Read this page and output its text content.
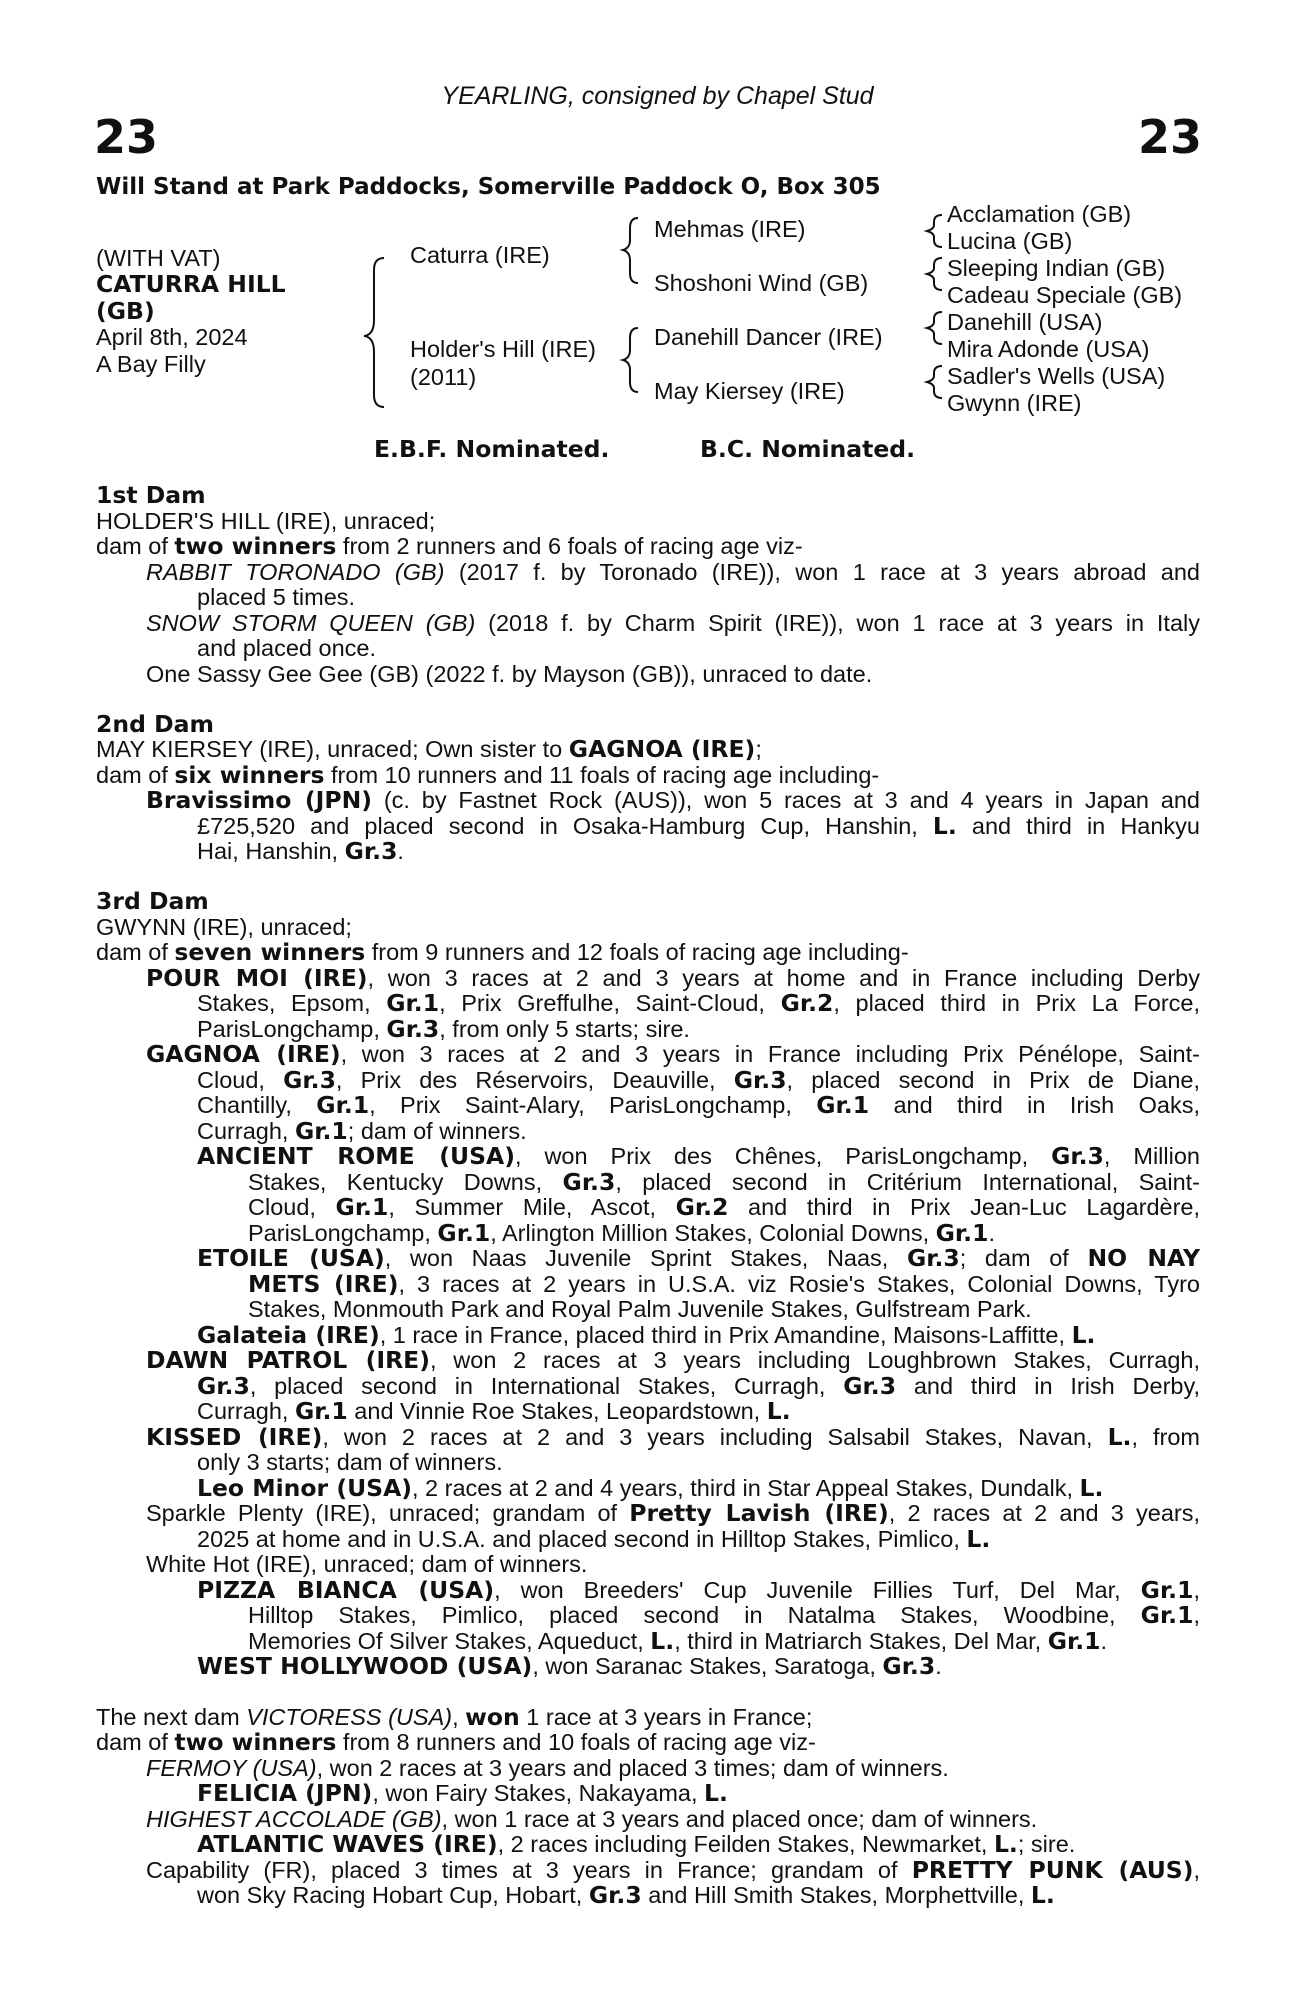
YEARLING, consigned by Chapel Stud
23	23
Will Stand at Park Paddocks, Somerville Paddock O, Box 305
(WITH VAT)
CATURRA HILL
(GB)
April 8th, 2024
A Bay Filly
Caturra (IRE)
Holder's Hill (IRE)
(2011)
Mehmas (IRE)
Shoshoni Wind (GB)
Danehill Dancer (IRE)
May Kiersey (IRE)
Acclamation (GB)
Lucina (GB)
Sleeping Indian (GB)
Cadeau Speciale (GB)
Danehill (USA)
Mira Adonde (USA)
Sadler's Wells (USA)
Gwynn (IRE)
E.B.F. Nominated.	B.C. Nominated.
1st Dam
HOLDER'S HILL (IRE), unraced;
dam of two winners from 2 runners and 6 foals of racing age viz-
RABBIT TORONADO (GB) (2017 f. by Toronado (IRE)), won 1 race at 3 years abroad and
placed 5 times.
SNOW STORM QUEEN (GB) (2018 f. by Charm Spirit (IRE)), won 1 race at 3 years in Italy
and placed once.
One Sassy Gee Gee (GB) (2022 f. by Mayson (GB)), unraced to date.
2nd Dam
MAY KIERSEY (IRE), unraced; Own sister to GAGNOA (IRE);
dam of six winners from 10 runners and 11 foals of racing age including-
Bravissimo (JPN) (c. by Fastnet Rock (AUS)), won 5 races at 3 and 4 years in Japan and
£725,520 and placed second in Osaka-Hamburg Cup, Hanshin, L. and third in Hankyu
Hai, Hanshin, Gr.3.
3rd Dam
GWYNN (IRE), unraced;
dam of seven winners from 9 runners and 12 foals of racing age including-
POUR MOI (IRE), won 3 races at 2 and 3 years at home and in France including Derby
Stakes, Epsom, Gr.1, Prix Greffulhe, Saint-Cloud, Gr.2, placed third in Prix La Force,
ParisLongchamp, Gr.3, from only 5 starts; sire.
GAGNOA (IRE), won 3 races at 2 and 3 years in France including Prix Pénélope, Saint-
Cloud, Gr.3, Prix des Réservoirs, Deauville, Gr.3, placed second in Prix de Diane,
Chantilly, Gr.1, Prix Saint-Alary, ParisLongchamp, Gr.1 and third in Irish Oaks,
Curragh, Gr.1; dam of winners.
ANCIENT ROME (USA), won Prix des Chênes, ParisLongchamp, Gr.3, Million
Stakes, Kentucky Downs, Gr.3, placed second in Critérium International, Saint-
Cloud, Gr.1, Summer Mile, Ascot, Gr.2 and third in Prix Jean-Luc Lagardère,
ParisLongchamp, Gr.1, Arlington Million Stakes, Colonial Downs, Gr.1.
ETOILE (USA), won Naas Juvenile Sprint Stakes, Naas, Gr.3; dam of NO NAY
METS (IRE), 3 races at 2 years in U.S.A. viz Rosie's Stakes, Colonial Downs, Tyro
Stakes, Monmouth Park and Royal Palm Juvenile Stakes, Gulfstream Park.
Galateia (IRE), 1 race in France, placed third in Prix Amandine, Maisons-Laffitte, L.
DAWN PATROL (IRE), won 2 races at 3 years including Loughbrown Stakes, Curragh,
Gr.3, placed second in International Stakes, Curragh, Gr.3 and third in Irish Derby,
Curragh, Gr.1 and Vinnie Roe Stakes, Leopardstown, L.
KISSED (IRE), won 2 races at 2 and 3 years including Salsabil Stakes, Navan, L., from
only 3 starts; dam of winners.
Leo Minor (USA), 2 races at 2 and 4 years, third in Star Appeal Stakes, Dundalk, L.
Sparkle Plenty (IRE), unraced; grandam of Pretty Lavish (IRE), 2 races at 2 and 3 years,
2025 at home and in U.S.A. and placed second in Hilltop Stakes, Pimlico, L.
White Hot (IRE), unraced; dam of winners.
PIZZA BIANCA (USA), won Breeders' Cup Juvenile Fillies Turf, Del Mar, Gr.1,
Hilltop Stakes, Pimlico, placed second in Natalma Stakes, Woodbine, Gr.1,
Memories Of Silver Stakes, Aqueduct, L., third in Matriarch Stakes, Del Mar, Gr.1.
WEST HOLLYWOOD (USA), won Saranac Stakes, Saratoga, Gr.3.
The next dam VICTORESS (USA), won 1 race at 3 years in France;
dam of two winners from 8 runners and 10 foals of racing age viz-
FERMOY (USA), won 2 races at 3 years and placed 3 times; dam of winners.
FELICIA (JPN), won Fairy Stakes, Nakayama, L.
HIGHEST ACCOLADE (GB), won 1 race at 3 years and placed once; dam of winners.
ATLANTIC WAVES (IRE), 2 races including Feilden Stakes, Newmarket, L.; sire.
Capability (FR), placed 3 times at 3 years in France; grandam of PRETTY PUNK (AUS),
won Sky Racing Hobart Cup, Hobart, Gr.3 and Hill Smith Stakes, Morphettville, L.
